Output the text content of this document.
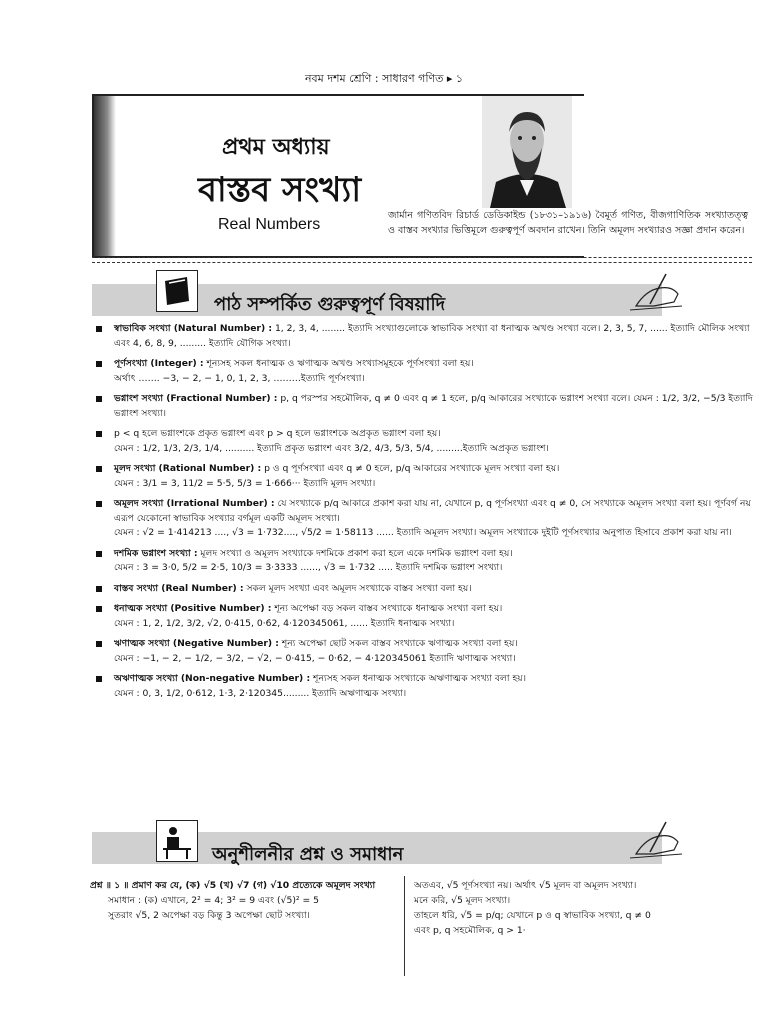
নবম দশম শ্রেণি : সাধারণ গণিত ▸ ১
প্রথম অধ্যায়
বাস্তব সংখ্যা
Real Numbers
জার্মান গণিতবিদ রিচার্ড ডেডিকাইন্ড (১৮৩১–১৯১৬) বৈমূর্ত গণিত, বীজগাণিতিক সংখ্যাতত্ত্ব ও বাস্তব সংখ্যার ভিত্তিমূলে গুরুত্বপূর্ণ অবদান রাখেন। তিনি অমূলদ সংখ্যারও সজ্ঞা প্রদান করেন।
পাঠ সম্পর্কিত গুরুত্বপূর্ণ বিষয়াদি
স্বাভাবিক সংখ্যা (Natural Number) : 1, 2, 3, 4, ........ ইত্যাদি সংখ্যাগুলোকে স্বাভাবিক সংখ্যা বা ধনাত্মক অখণ্ড সংখ্যা বলে। 2, 3, 5, 7, ...... ইত্যাদি মৌলিক সংখ্যা এবং 4, 6, 8, 9, ......... ইত্যাদি যৌগিক সংখ্যা।
পূর্ণসংখ্যা (Integer) : শূন্যসহ সকল ধনাত্মক ও ঋণাত্মক অখণ্ড সংখ্যাসমূহকে পূর্ণসংখ্যা বলা হয়।
অর্থাৎ ……. −3, − 2, − 1, 0, 1, 2, 3, ………ইত্যাদি পূর্ণসংখ্যা।
ভগ্নাংশ সংখ্যা (Fractional Number) : p, q পরস্পর সহমৌলিক, q ≠ 0 এবং q ≠ 1 হলে, p/q আকারের সংখ্যাকে ভগ্নাংশ সংখ্যা বলে। যেমন : 1/2, 3/2, −5/3 ইত্যাদি ভগ্নাংশ সংখ্যা।
p < q হলে ভগ্নাংশকে প্রকৃত ভগ্নাংশ এবং p > q হলে ভগ্নাংশকে অপ্রকৃত ভগ্নাংশ বলা হয়।
যেমন : 1/2, 1/3, 2/3, 1/4, .......... ইত্যাদি প্রকৃত ভগ্নাংশ এবং 3/2, 4/3, 5/3, 5/4, .........ইত্যাদি অপ্রকৃত ভগ্নাংশ।
মূলদ সংখ্যা (Rational Number) : p ও q পূর্ণসংখ্যা এবং q ≠ 0 হলে, p/q আকারের সংখ্যাকে মূলদ সংখ্যা বলা হয়।
যেমন : 3/1 = 3, 11/2 = 5·5, 5/3 = 1·666··· ইত্যাদি মূলদ সংখ্যা।
অমূলদ সংখ্যা (Irrational Number) : যে সংখ্যাকে p/q আকারে প্রকাশ করা যায় না, যেখানে p, q পূর্ণসংখ্যা এবং q ≠ 0, সে সংখ্যাকে অমূলদ সংখ্যা বলা হয়। পূর্ণবর্গ নয় এরূপ যেকোনো স্বাভাবিক সংখ্যার বর্গমূল একটি অমূলদ সংখ্যা।
যেমন : √2 = 1·414213 ...., √3 = 1·732...., √5/2 = 1·58113 ...... ইত্যাদি অমূলদ সংখ্যা। অমূলদ সংখ্যাকে দুইটি পূর্ণসংখ্যার অনুপাত হিসাবে প্রকাশ করা যায় না।
দশমিক ভগ্নাংশ সংখ্যা : মূলদ সংখ্যা ও অমূলদ সংখ্যাকে দশমিকে প্রকাশ করা হলে একে দশমিক ভগ্নাংশ বলা হয়।
যেমন : 3 = 3·0, 5/2 = 2·5, 10/3 = 3·3333 ......, √3 = 1·732 ..... ইত্যাদি দশমিক ভগ্নাংশ সংখ্যা।
বাস্তব সংখ্যা (Real Number) : সকল মূলদ সংখ্যা এবং অমূলদ সংখ্যাকে বাস্তব সংখ্যা বলা হয়।
ধনাত্মক সংখ্যা (Positive Number) : শূন্য অপেক্ষা বড় সকল বাস্তব সংখ্যাকে ধনাত্মক সংখ্যা বলা হয়।
যেমন : 1, 2, 1/2, 3/2, √2, 0·415, 0·6̇2, 4·120345061, ...... ইত্যাদি ধনাত্মক সংখ্যা।
ঋণাত্মক সংখ্যা (Negative Number) : শূন্য অপেক্ষা ছোট সকল বাস্তব সংখ্যাকে ঋণাত্মক সংখ্যা বলা হয়।
যেমন : −1, − 2, − 1/2, − 3/2, − √2, − 0·415, − 0·6̇2, − 4·120345061 ইত্যাদি ঋণাত্মক সংখ্যা।
অঋণাত্মক সংখ্যা (Non-negative Number) : শূন্যসহ সকল ধনাত্মক সংখ্যাকে অঋণাত্মক সংখ্যা বলা হয়।
যেমন : 0, 3, 1/2, 0·612, 1·3̇, 2·120345......... ইত্যাদি অঋণাত্মক সংখ্যা।
অনুশীলনীর প্রশ্ন ও সমাধান
প্রশ্ন ॥ ১ ॥ প্রমাণ কর যে, (ক) √5 (খ) √7 (গ) √10 প্রত্যেকে অমূলদ সংখ্যা
সমাধান : (ক) এখানে, 2² = 4; 3² = 9 এবং (√5)² = 5
সুতরাং √5, 2 অপেক্ষা বড় কিন্তু 3 অপেক্ষা ছোট সংখ্যা।
অতএব, √5 পূর্ণসংখ্যা নয়। অর্থাৎ √5 মূলদ বা অমূলদ সংখ্যা।
মনে করি, √5 মূলদ সংখ্যা।
তাহলে ধরি, √5 = p/q; যেখানে p ও q স্বাভাবিক সংখ্যা, q ≠ 0
এবং p, q সহমৌলিক, q > 1·
